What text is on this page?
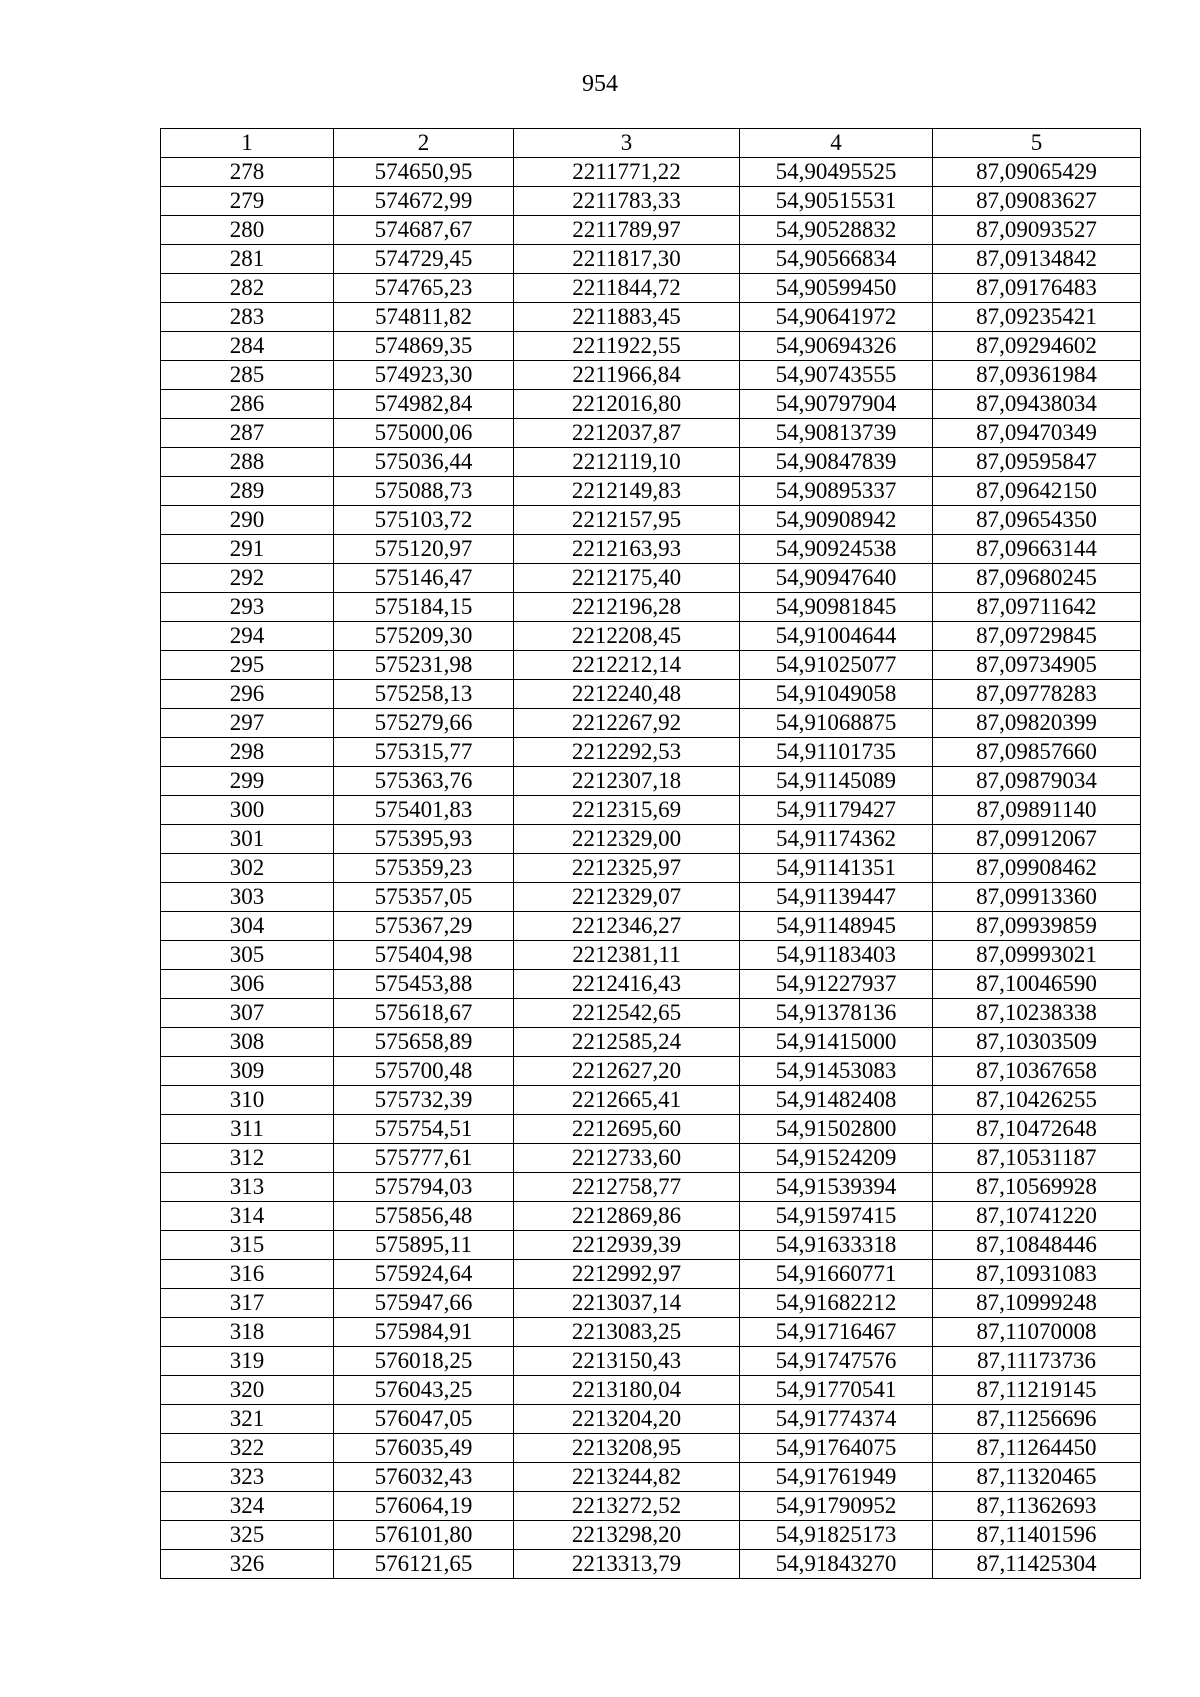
954
1	2	3	4	5
278	574650,95	2211771,22	54,90495525	87,09065429
279	574672,99	2211783,33	54,90515531	87,09083627
280	574687,67	2211789,97	54,90528832	87,09093527
281	574729,45	2211817,30	54,90566834	87,09134842
282	574765,23	2211844,72	54,90599450	87,09176483
283	574811,82	2211883,45	54,90641972	87,09235421
284	574869,35	2211922,55	54,90694326	87,09294602
285	574923,30	2211966,84	54,90743555	87,09361984
286	574982,84	2212016,80	54,90797904	87,09438034
287	575000,06	2212037,87	54,90813739	87,09470349
288	575036,44	2212119,10	54,90847839	87,09595847
289	575088,73	2212149,83	54,90895337	87,09642150
290	575103,72	2212157,95	54,90908942	87,09654350
291	575120,97	2212163,93	54,90924538	87,09663144
292	575146,47	2212175,40	54,90947640	87,09680245
293	575184,15	2212196,28	54,90981845	87,09711642
294	575209,30	2212208,45	54,91004644	87,09729845
295	575231,98	2212212,14	54,91025077	87,09734905
296	575258,13	2212240,48	54,91049058	87,09778283
297	575279,66	2212267,92	54,91068875	87,09820399
298	575315,77	2212292,53	54,91101735	87,09857660
299	575363,76	2212307,18	54,91145089	87,09879034
300	575401,83	2212315,69	54,91179427	87,09891140
301	575395,93	2212329,00	54,91174362	87,09912067
302	575359,23	2212325,97	54,91141351	87,09908462
303	575357,05	2212329,07	54,91139447	87,09913360
304	575367,29	2212346,27	54,91148945	87,09939859
305	575404,98	2212381,11	54,91183403	87,09993021
306	575453,88	2212416,43	54,91227937	87,10046590
307	575618,67	2212542,65	54,91378136	87,10238338
308	575658,89	2212585,24	54,91415000	87,10303509
309	575700,48	2212627,20	54,91453083	87,10367658
310	575732,39	2212665,41	54,91482408	87,10426255
311	575754,51	2212695,60	54,91502800	87,10472648
312	575777,61	2212733,60	54,91524209	87,10531187
313	575794,03	2212758,77	54,91539394	87,10569928
314	575856,48	2212869,86	54,91597415	87,10741220
315	575895,11	2212939,39	54,91633318	87,10848446
316	575924,64	2212992,97	54,91660771	87,10931083
317	575947,66	2213037,14	54,91682212	87,10999248
318	575984,91	2213083,25	54,91716467	87,11070008
319	576018,25	2213150,43	54,91747576	87,11173736
320	576043,25	2213180,04	54,91770541	87,11219145
321	576047,05	2213204,20	54,91774374	87,11256696
322	576035,49	2213208,95	54,91764075	87,11264450
323	576032,43	2213244,82	54,91761949	87,11320465
324	576064,19	2213272,52	54,91790952	87,11362693
325	576101,80	2213298,20	54,91825173	87,11401596
326	576121,65	2213313,79	54,91843270	87,11425304
